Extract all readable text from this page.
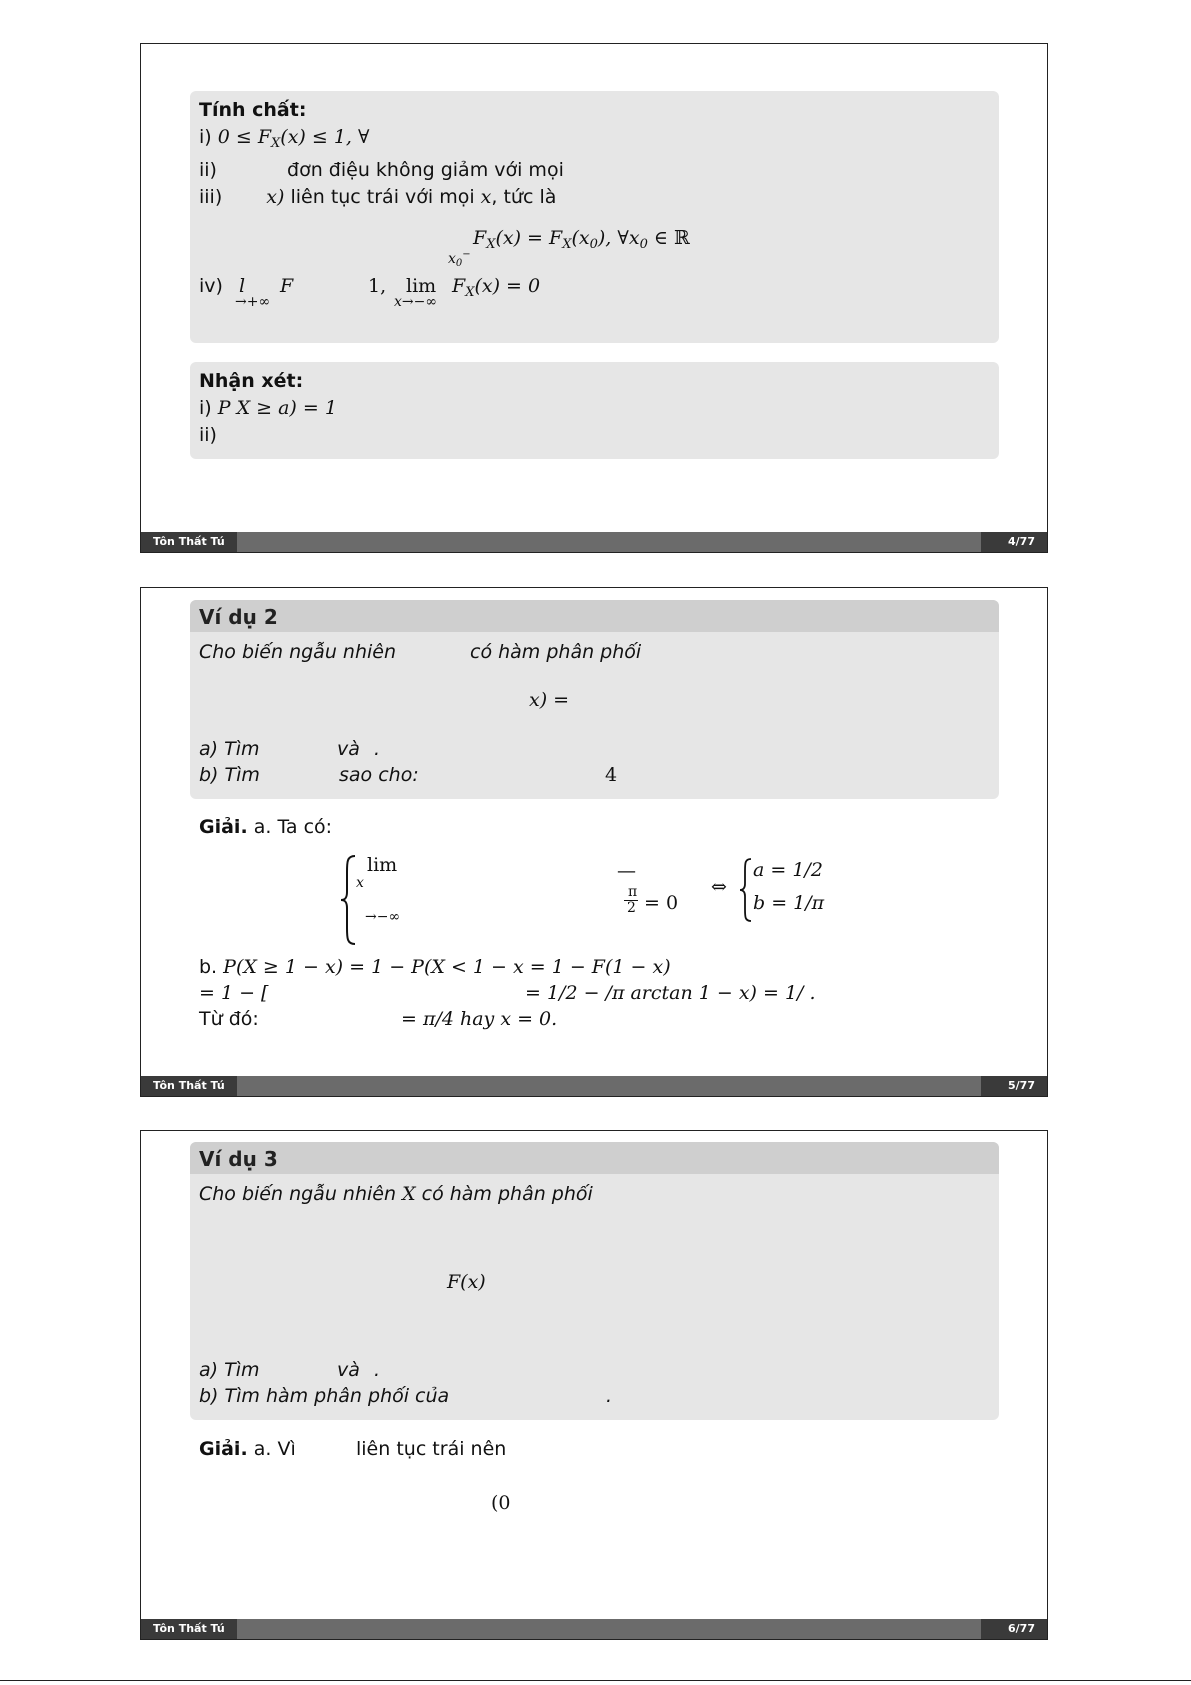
Tính chất:
i) $0 \le F_X(x) \le 1$, ∀
ii)	đơn điệu không giảm với mọi
iii) x) liên tục trái với mọi x, tức là
$F_X(x) = F_X(x_0)$, $\forall x_0$ ∈ ℝ
$x_0^-$
iv) l
→+∞
F	1, lim
x→−∞
$F_X(x) = 0$
Nhận xét:
i) P X ≥ a) = 1
ii)
Tôn Thất Tú	4/77
Ví dụ 2
Cho biến ngẫu nhiên	có hàm phân phối
x) =
a) Tìm	và .
b) Tìm	sao cho:	4
Giải. a. Ta có:
lim
x
→−∞
—
π
2 = 0
⇔
a = 1/2
b = 1/π
b. P(X ≥ 1 − x) = 1 − P(X < 1 − x = 1 − F(1 − x)
= 1 − [	= 1/2 − /π arctan 1 − x) = 1/ .
Từ đó:	= π/4 hay x = 0.
Tôn Thất Tú	5/77
Ví dụ 3
Cho biến ngẫu nhiên X có hàm phân phối
F(x)
a) Tìm	và .
b) Tìm hàm phân phối của	.
Giải. a. Vì	liên tục trái nên
(0
Tôn Thất Tú	6/77
